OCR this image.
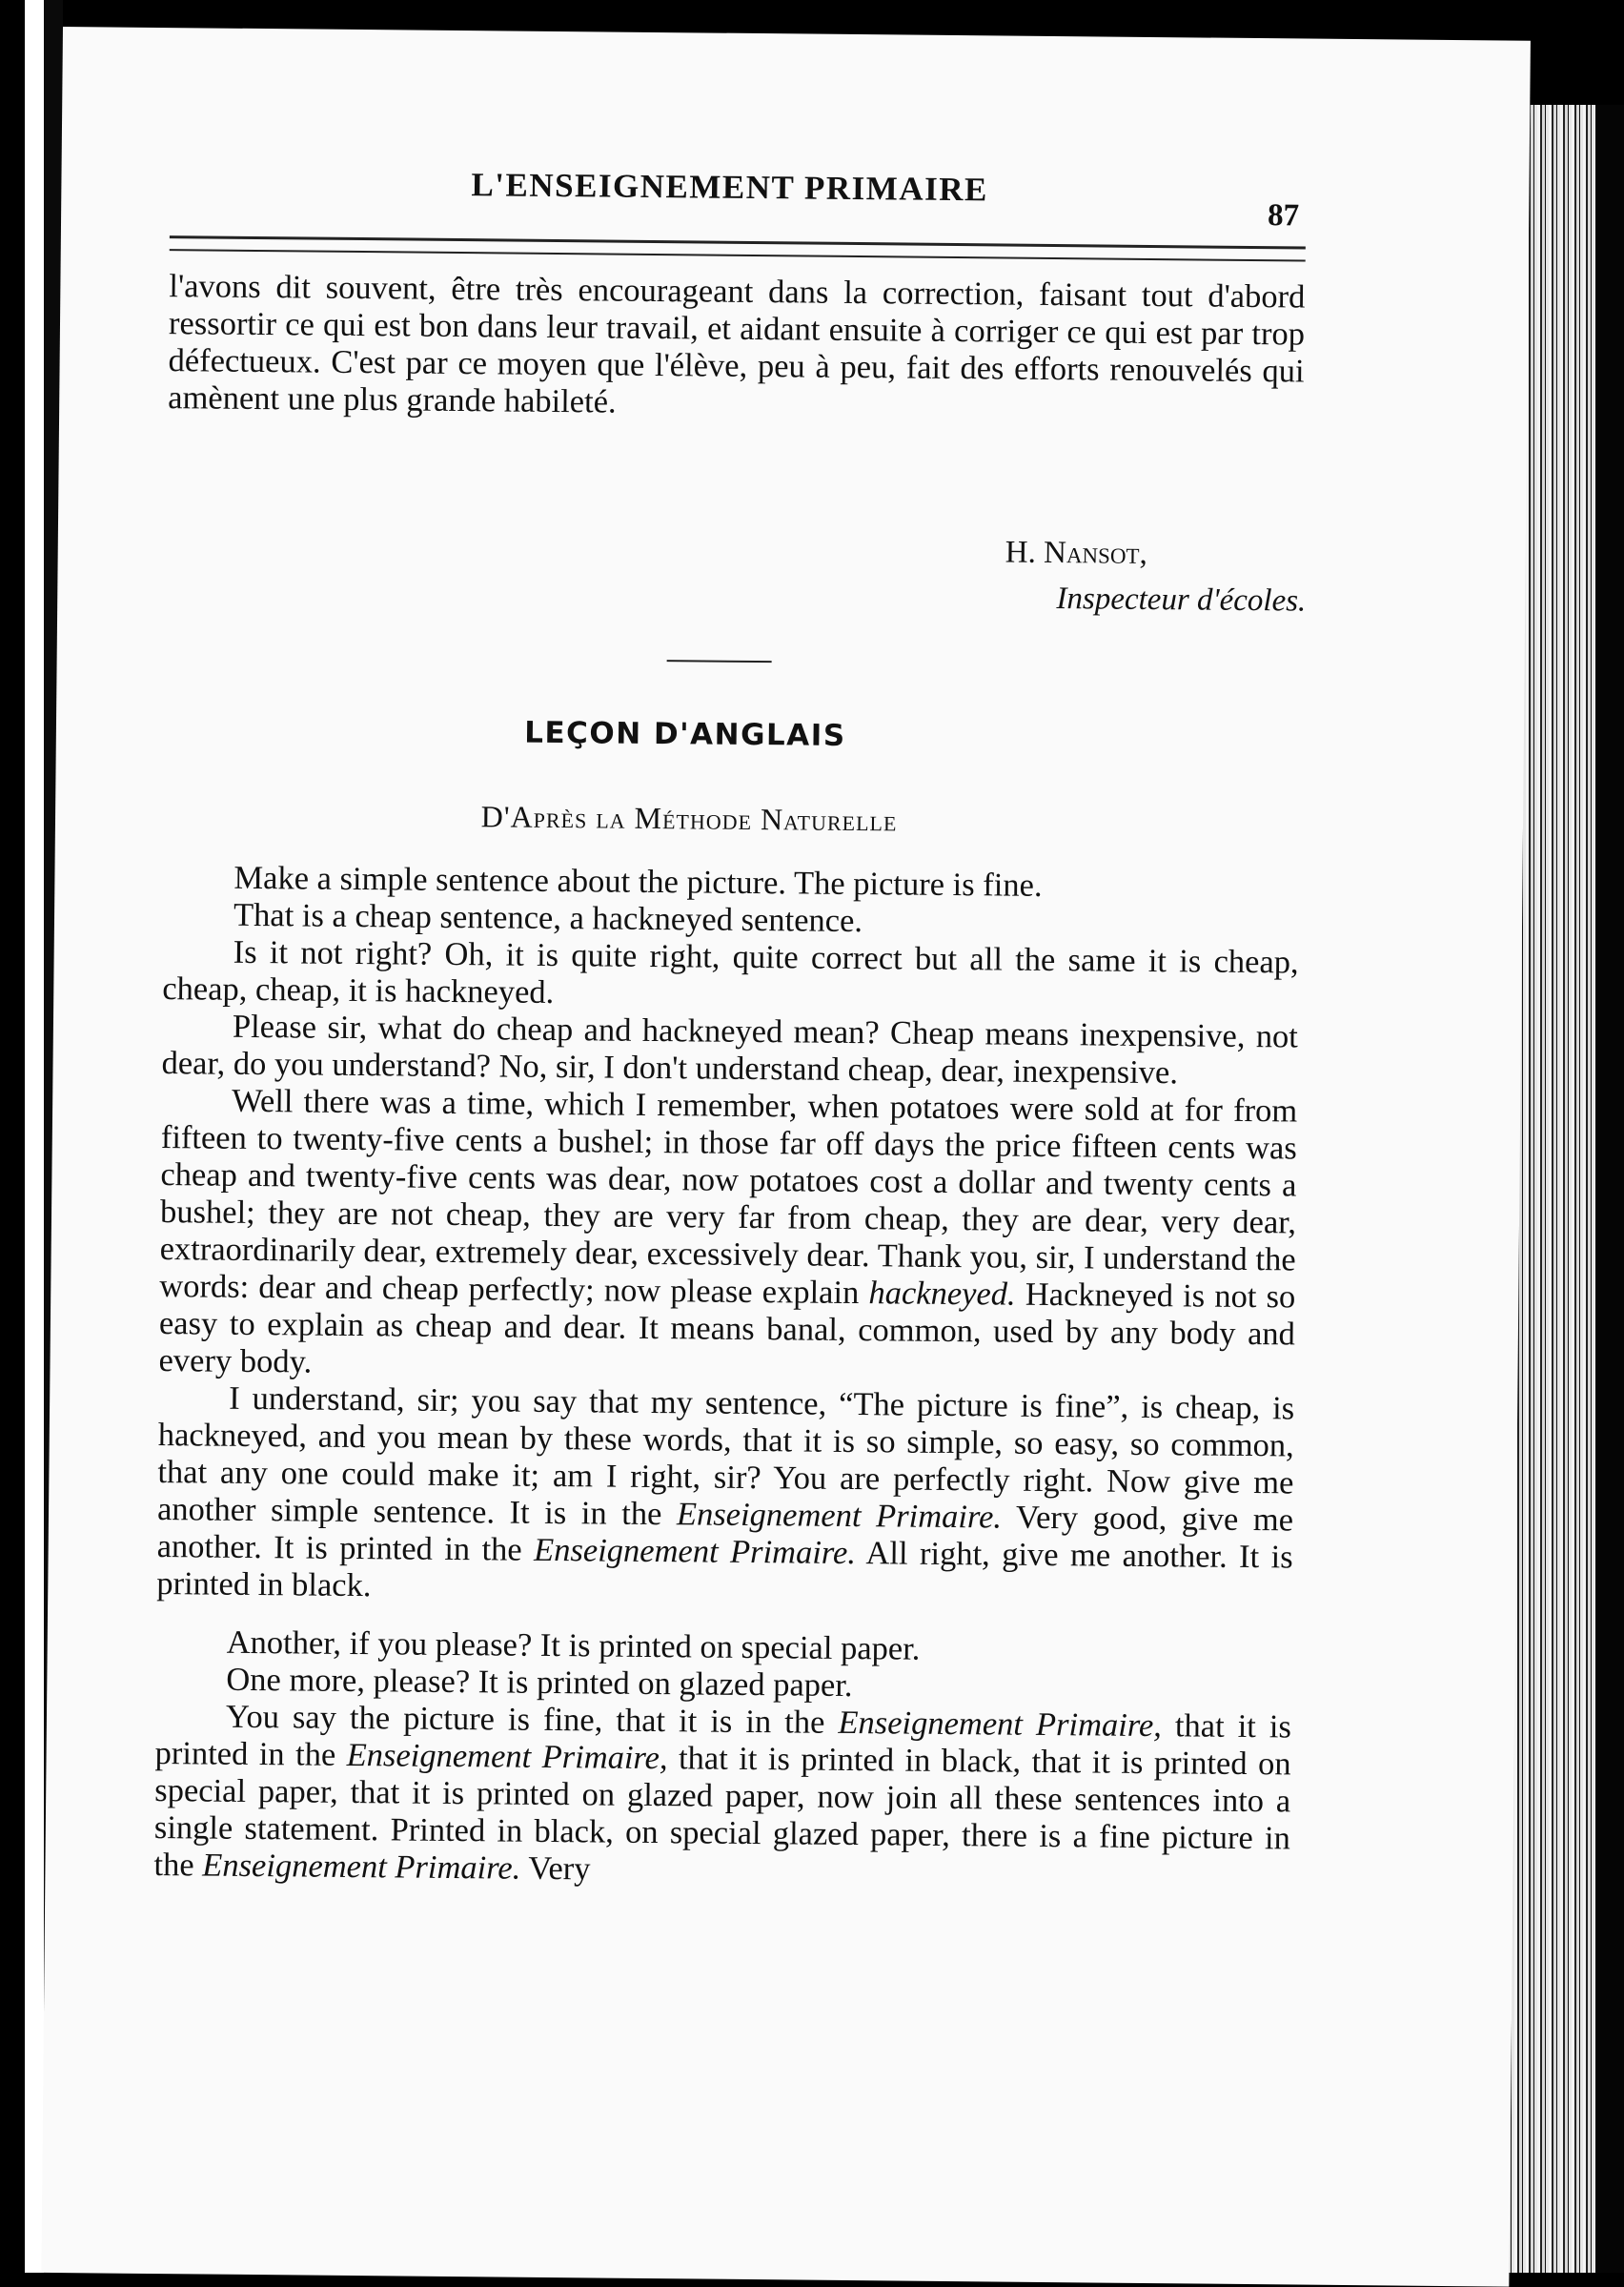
L'ENSEIGNEMENT PRIMAIRE
87

l'avons dit souvent, être très encourageant dans la correction, faisant tout d'abord ressortir ce qui est bon dans leur travail, et aidant ensuite à corriger ce qui est par trop défectueux. C'est par ce moyen que l'élève, peu à peu, fait des efforts renouvelés qui amènent une plus grande habileté.

H. Nansot,
Inspecteur d'écoles.
LEÇON D'ANGLAIS
D'Après la Méthode Naturelle

Make a simple sentence about the picture. The picture is fine.

That is a cheap sentence, a hackneyed sentence.

Is it not right? Oh, it is quite right, quite correct but all the same it is cheap, cheap, cheap, it is hackneyed.

Please sir, what do cheap and hackneyed mean? Cheap means inexpensive, not dear, do you understand? No, sir, I don't understand cheap, dear, inexpensive.

Well there was a time, which I remember, when potatoes were sold at for from fifteen to twenty-five cents a bushel; in those far off days the price fifteen cents was cheap and twenty-five cents was dear, now potatoes cost a dollar and twenty cents a bushel; they are not cheap, they are very far from cheap, they are dear, very dear, extraordinarily dear, extremely dear, excessively dear. Thank you, sir, I understand the words: dear and cheap perfectly; now please explain hackneyed. Hackneyed is not so easy to explain as cheap and dear. It means banal, common, used by any body and every body.

I understand, sir; you say that my sentence, “The picture is fine”, is cheap, is hackneyed, and you mean by these words, that it is so simple, so easy, so common, that any one could make it; am I right, sir? You are perfectly right. Now give me another simple sentence. It is in the Enseignement Primaire. Very good, give me another. It is printed in the Enseignement Primaire. All right, give me another. It is printed in black.

Another, if you please? It is printed on special paper.

One more, please? It is printed on glazed paper.

You say the picture is fine, that it is in the Enseignement Primaire, that it is printed in the Enseignement Primaire, that it is printed in black, that it is printed on special paper, that it is printed on glazed paper, now join all these sentences into a single statement. Printed in black, on special glazed paper, there is a fine picture in the Enseignement Primaire. Very
